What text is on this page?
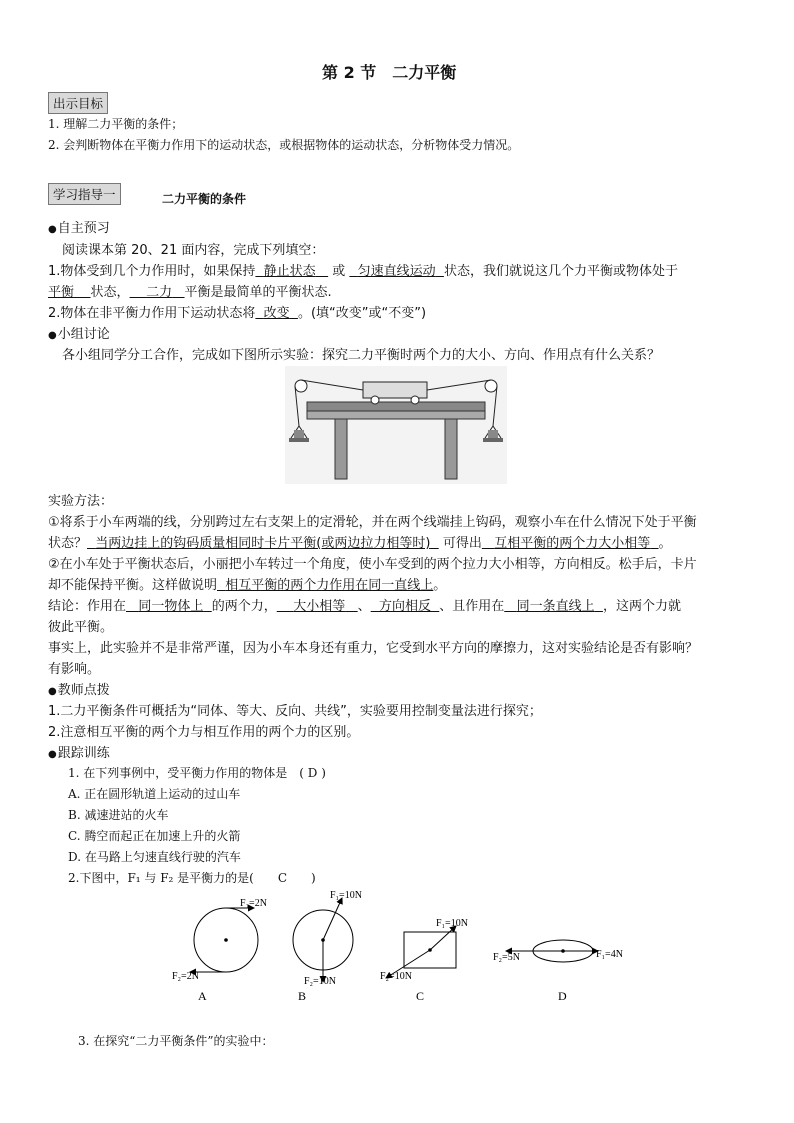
第 2 节　二力平衡
出示目标
1. 理解二力平衡的条件；
2. 会判断物体在平衡力作用下的运动状态，或根据物体的运动状态，分析物体受力情况。
学习指导一	二力平衡的条件
● 自主预习
阅读课本第 20、21 面内容，完成下列填空：
1.物体受到几个力作用时，如果保持 静止状态 或 匀速直线运动 状态，我们就说这几个力平衡或物体处于
平衡 状态， 二力 平衡是最简单的平衡状态.
2.物体在非平衡力作用下运动状态将 改变 。(填“改变”或“不变”)
● 小组讨论
各小组同学分工合作，完成如下图所示实验：探究二力平衡时两个力的大小、方向、作用点有什么关系？
实验方法：
①将系于小车两端的线，分别跨过左右支架上的定滑轮，并在两个线端挂上钩码，观察小车在什么情况下处于平衡
状态？ 当两边挂上的钩码质量相同时卡片平衡(或两边拉力相等时) 可得出 互相平衡的两个力大小相等 。
②在小车处于平衡状态后，小丽把小车转过一个角度，使小车受到的两个拉力大小相等，方向相反。松手后，卡片
却不能保持平衡。这样做说明 相互平衡的两个力作用在同一直线上。
结论：作用在 同一物体上 的两个力， 大小相等 、 方向相反 、且作用在 同一条直线上 ，这两个力就
彼此平衡。
事实上，此实验并不是非常严谨，因为小车本身还有重力，它受到水平方向的摩擦力，这对实验结论是否有影响？
有影响。
● 教师点拨
1.二力平衡条件可概括为“同体、等大、反向、共线”，实验要用控制变量法进行探究；
2.注意相互平衡的两个力与相互作用的两个力的区别。
● 跟踪训练
1. 在下列事例中，受平衡力作用的物体是　( D )
A. 正在圆形轨道上运动的过山车
B. 减速进站的火车
C. 腾空而起正在加速上升的火箭
D. 在马路上匀速直线行驶的汽车
2.下图中，F₁ 与 F₂ 是平衡力的是(　　C　　)
F₁=2N
F₂=2N
A
F₁=10N
F₂=10N
B
F₁=10N
F₂=10N
C
F₁=4N
F₂=5N
D
3. 在探究“二力平衡条件”的实验中：
